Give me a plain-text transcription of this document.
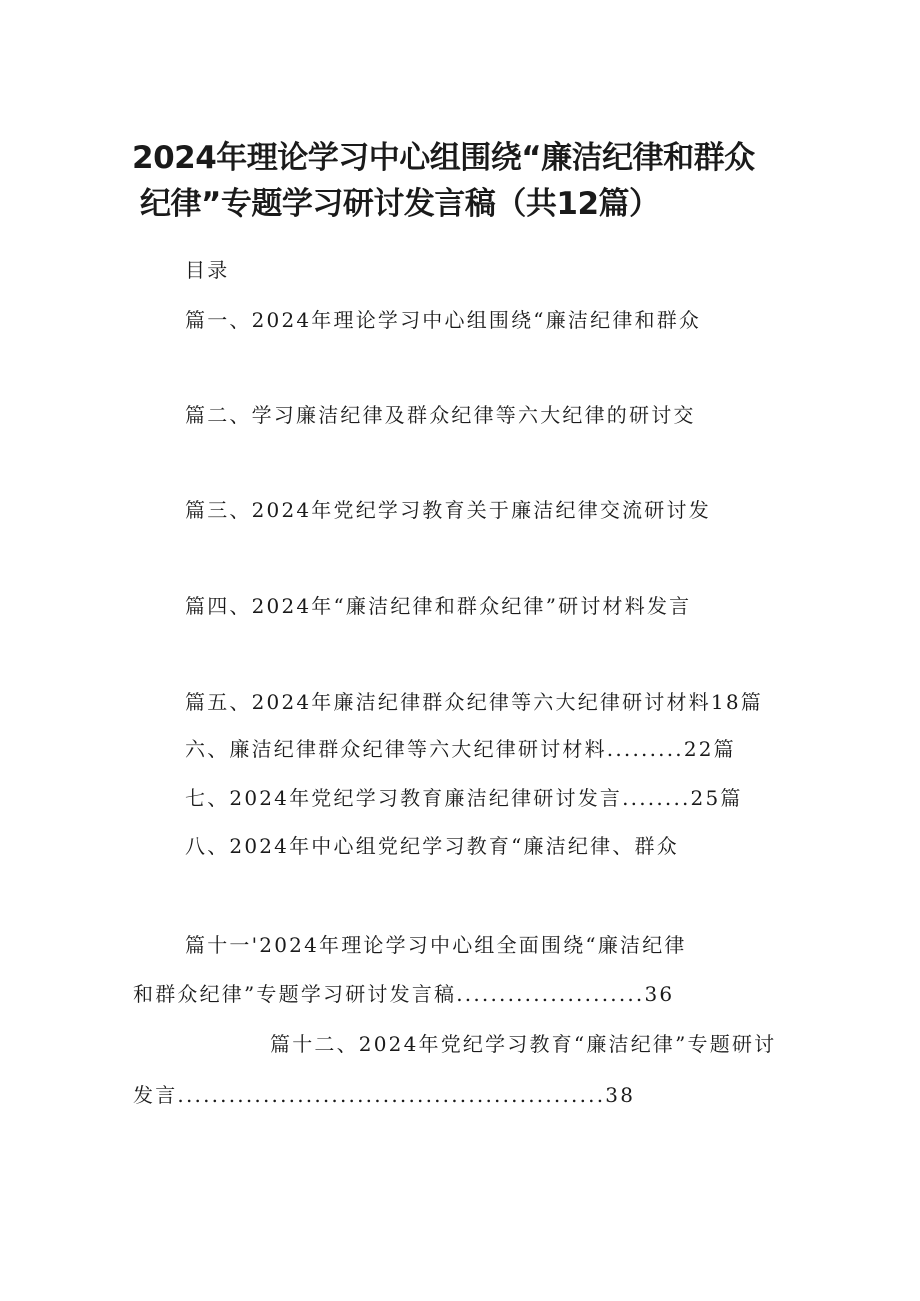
2024年理论学习中心组围绕“廉洁纪律和群众
纪律”专题学习研讨发言稿（共12篇）
目录
篇一、2024年理论学习中心组围绕“廉洁纪律和群众
篇二、学习廉洁纪律及群众纪律等六大纪律的研讨交
篇三、2024年党纪学习教育关于廉洁纪律交流研讨发
篇四、2024年“廉洁纪律和群众纪律”研讨材料发言
篇五、2024年廉洁纪律群众纪律等六大纪律研讨材料18篇
六、廉洁纪律群众纪律等六大纪律研讨材料.........22篇
七、2024年党纪学习教育廉洁纪律研讨发言........25篇
八、2024年中心组党纪学习教育“廉洁纪律、群众
篇十一'2024年理论学习中心组全面围绕“廉洁纪律
和群众纪律”专题学习研讨发言稿......................36
篇十二、2024年党纪学习教育“廉洁纪律”专题研讨
发言..................................................38
